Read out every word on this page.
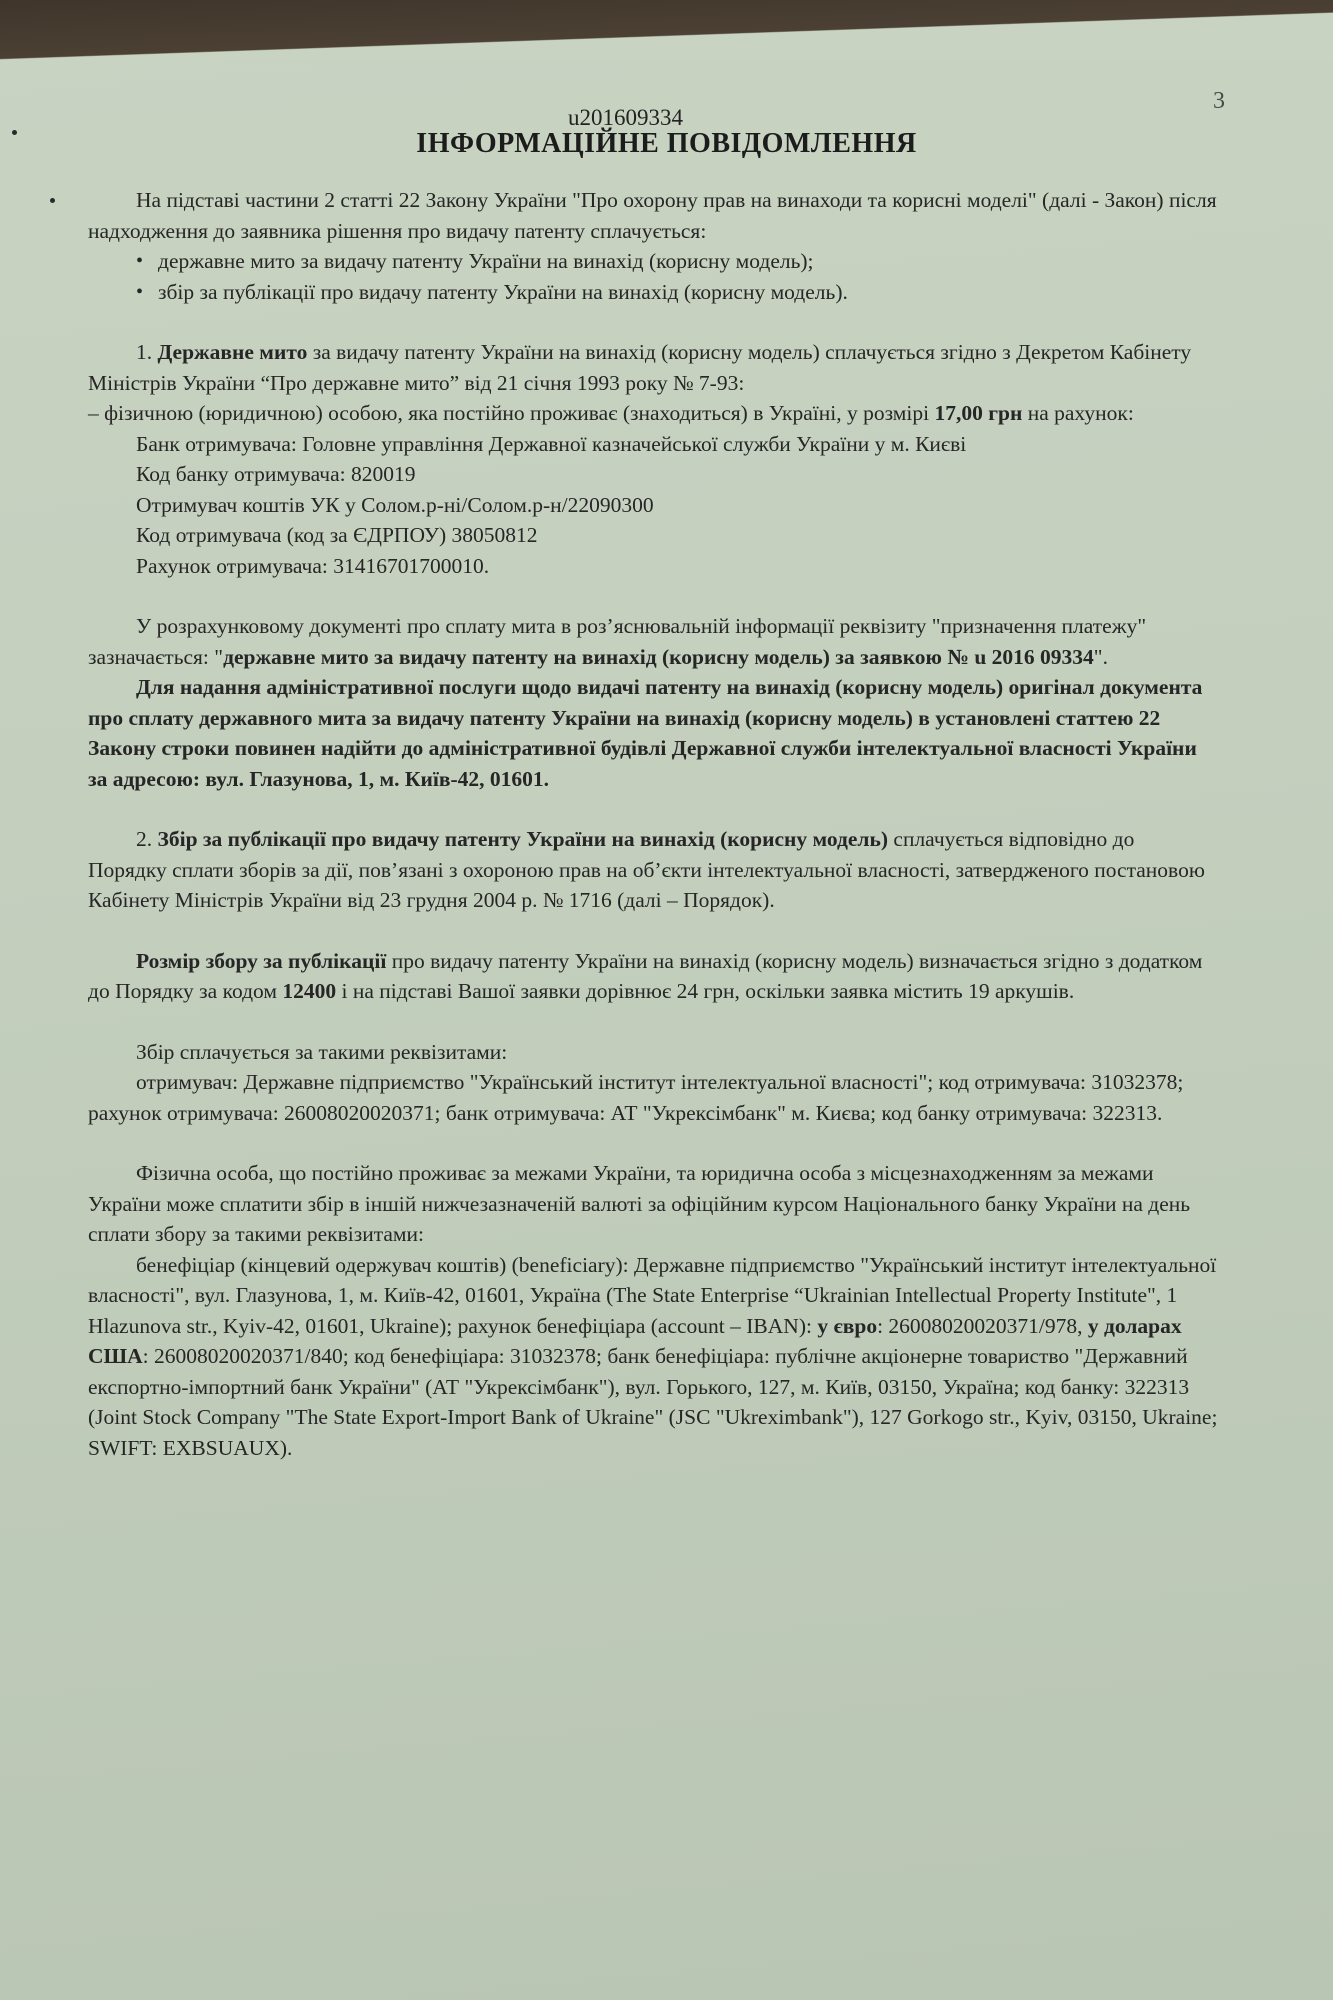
3
u201609334
ІНФОРМАЦІЙНЕ ПОВІДОМЛЕННЯ

На підставі частини 2 статті 22 Закону України "Про охорону прав на винаходи та корисні моделі" (далі - Закон) після надходження до заявника рішення про видачу патенту сплачується:

• державне мито за видачу патенту України на винахід (корисну модель);
• збір за публікації про видачу патенту України на винахід (корисну модель).

1. Державне мито за видачу патенту України на винахід (корисну модель) сплачується згідно з Декретом Кабінету Міністрів України “Про державне мито” від 21 січня 1993 року № 7-93:

– фізичною (юридичною) особою, яка постійно проживає (знаходиться) в Україні, у розмірі 17,00 грн на рахунок:

Банк отримувача: Головне управління Державної казначейської служби України у м. Києві

Код банку отримувача: 820019

Отримувач коштів УК у Солом.р-ні/Солом.р-н/22090300

Код отримувача (код за ЄДРПОУ) 38050812

Рахунок отримувача: 31416701700010.

У розрахунковому документі про сплату мита в розʼяснювальній інформації реквізиту "призначення платежу" зазначається: "державне мито за видачу патенту на винахід (корисну модель) за заявкою № u 2016 09334".

Для надання адміністративної послуги щодо видачі патенту на винахід (корисну модель) оригінал документа про сплату державного мита за видачу патенту України на винахід (корисну модель) в установлені статтею 22 Закону строки повинен надійти до адміністративної будівлі Державної служби інтелектуальної власності України за адресою: вул. Глазунова, 1, м. Київ-42, 01601.

2. Збір за публікації про видачу патенту України на винахід (корисну модель) сплачується відповідно до Порядку сплати зборів за дії, повʼязані з охороною прав на обʼєкти інтелектуальної власності, затвердженого постановою Кабінету Міністрів України від 23 грудня 2004 р. № 1716 (далі – Порядок).

Розмір збору за публікації про видачу патенту України на винахід (корисну модель) визначається згідно з додатком до Порядку за кодом 12400 і на підставі Вашої заявки дорівнює 24 грн, оскільки заявка містить 19 аркушів.

Збір сплачується за такими реквізитами:

отримувач: Державне підприємство "Український інститут інтелектуальної власності"; код отримувача: 31032378; рахунок отримувача: 26008020020371; банк отримувача: АТ "Укрексімбанк" м. Києва; код банку отримувача: 322313.

Фізична особа, що постійно проживає за межами України, та юридична особа з місцезнаходженням за межами України може сплатити збір в іншій нижчезазначеній валюті за офіційним курсом Національного банку України на день сплати збору за такими реквізитами:

бенефіціар (кінцевий одержувач коштів) (beneficiary): Державне підприємство "Український інститут інтелектуальної власності", вул. Глазунова, 1, м. Київ-42, 01601, Україна (The State Enterprise “Ukrainian Intellectual Property Institute", 1 Hlazunova str., Kyiv-42, 01601, Ukraine); рахунок бенефіціара (account – IBAN): у євро: 26008020020371/978, у доларах США: 26008020020371/840; код бенефіціара: 31032378; банк бенефіціара: публічне акціонерне товариство "Державний експортно-імпортний банк України" (АТ "Укрексімбанк"), вул. Горького, 127, м. Київ, 03150, Україна; код банку: 322313 (Joint Stock Company "The State Export-Import Bank of Ukraine" (JSC "Ukreximbank"), 127 Gorkogo str., Kyiv, 03150, Ukraine; SWIFT: EXBSUAUX).
